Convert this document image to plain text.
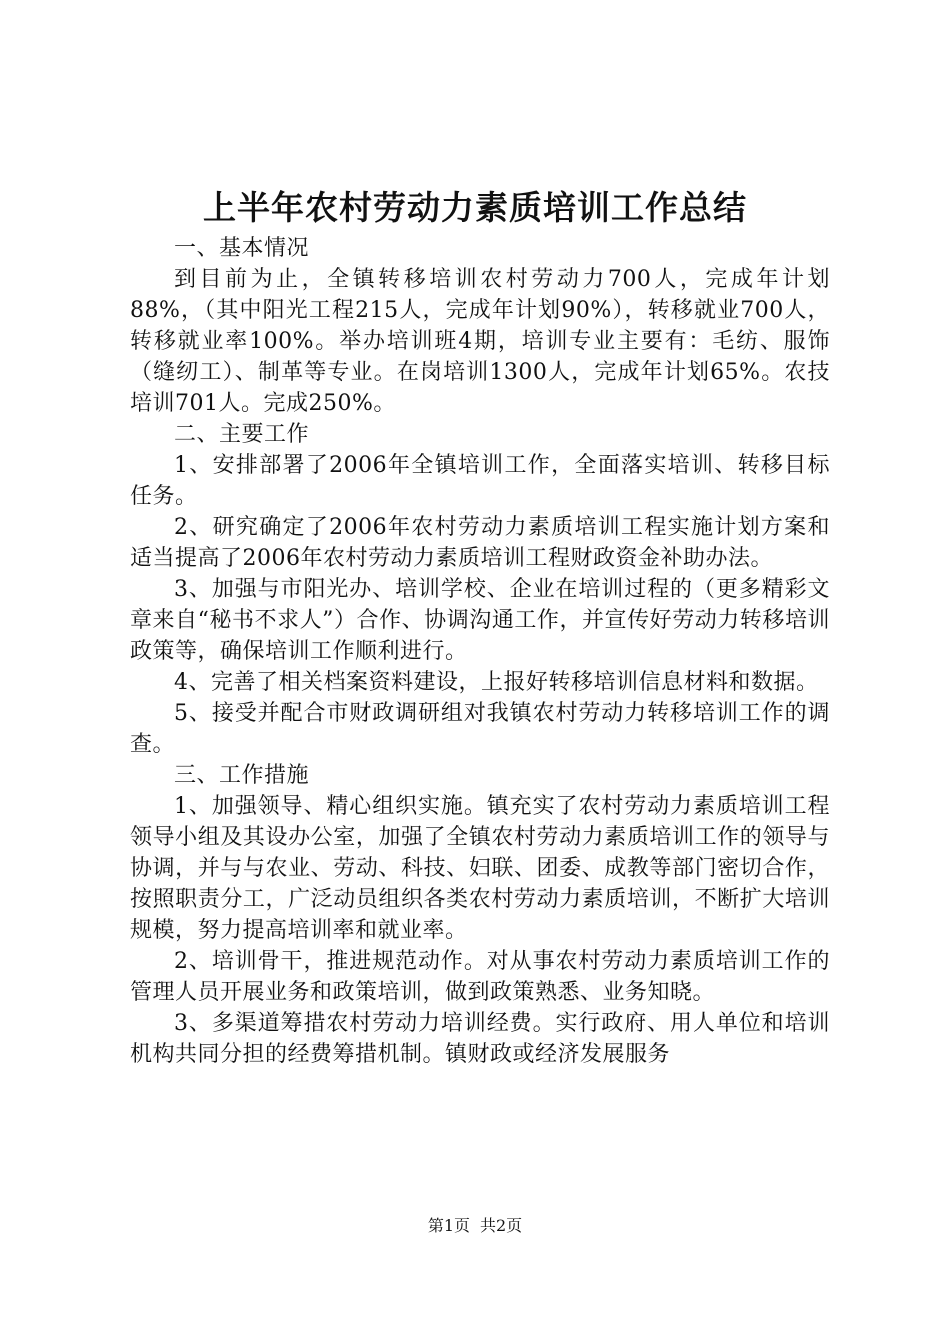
上半年农村劳动力素质培训工作总结

一、基本情况

到目前为止，全镇转移培训农村劳动力700人，完成年计划88%，（其中阳光工程215人，完成年计划90%），转移就业700人，转移就业率100%。举办培训班4期，培训专业主要有：毛纺、服饰（缝纫工）、制革等专业。在岗培训1300人，完成年计划65%。农技培训701人。完成250%。

二、主要工作

1、安排部署了2006年全镇培训工作，全面落实培训、转移目标任务。

2、研究确定了2006年农村劳动力素质培训工程实施计划方案和适当提高了2006年农村劳动力素质培训工程财政资金补助办法。

3、加强与市阳光办、培训学校、企业在培训过程的（更多精彩文章来自“秘书不求人”）合作、协调沟通工作，并宣传好劳动力转移培训政策等，确保培训工作顺利进行。

4、完善了相关档案资料建设，上报好转移培训信息材料和数据。

5、接受并配合市财政调研组对我镇农村劳动力转移培训工作的调查。

三、工作措施

1、加强领导、精心组织实施。镇充实了农村劳动力素质培训工程领导小组及其设办公室，加强了全镇农村劳动力素质培训工作的领导与协调，并与与农业、劳动、科技、妇联、团委、成教等部门密切合作，按照职责分工，广泛动员组织各类农村劳动力素质培训，不断扩大培训规模，努力提高培训率和就业率。

2、培训骨干，推进规范动作。对从事农村劳动力素质培训工作的管理人员开展业务和政策培训，做到政策熟悉、业务知晓。

3、多渠道筹措农村劳动力培训经费。实行政府、用人单位和培训机构共同分担的经费筹措机制。镇财政或经济发展服务

第1页 共2页
